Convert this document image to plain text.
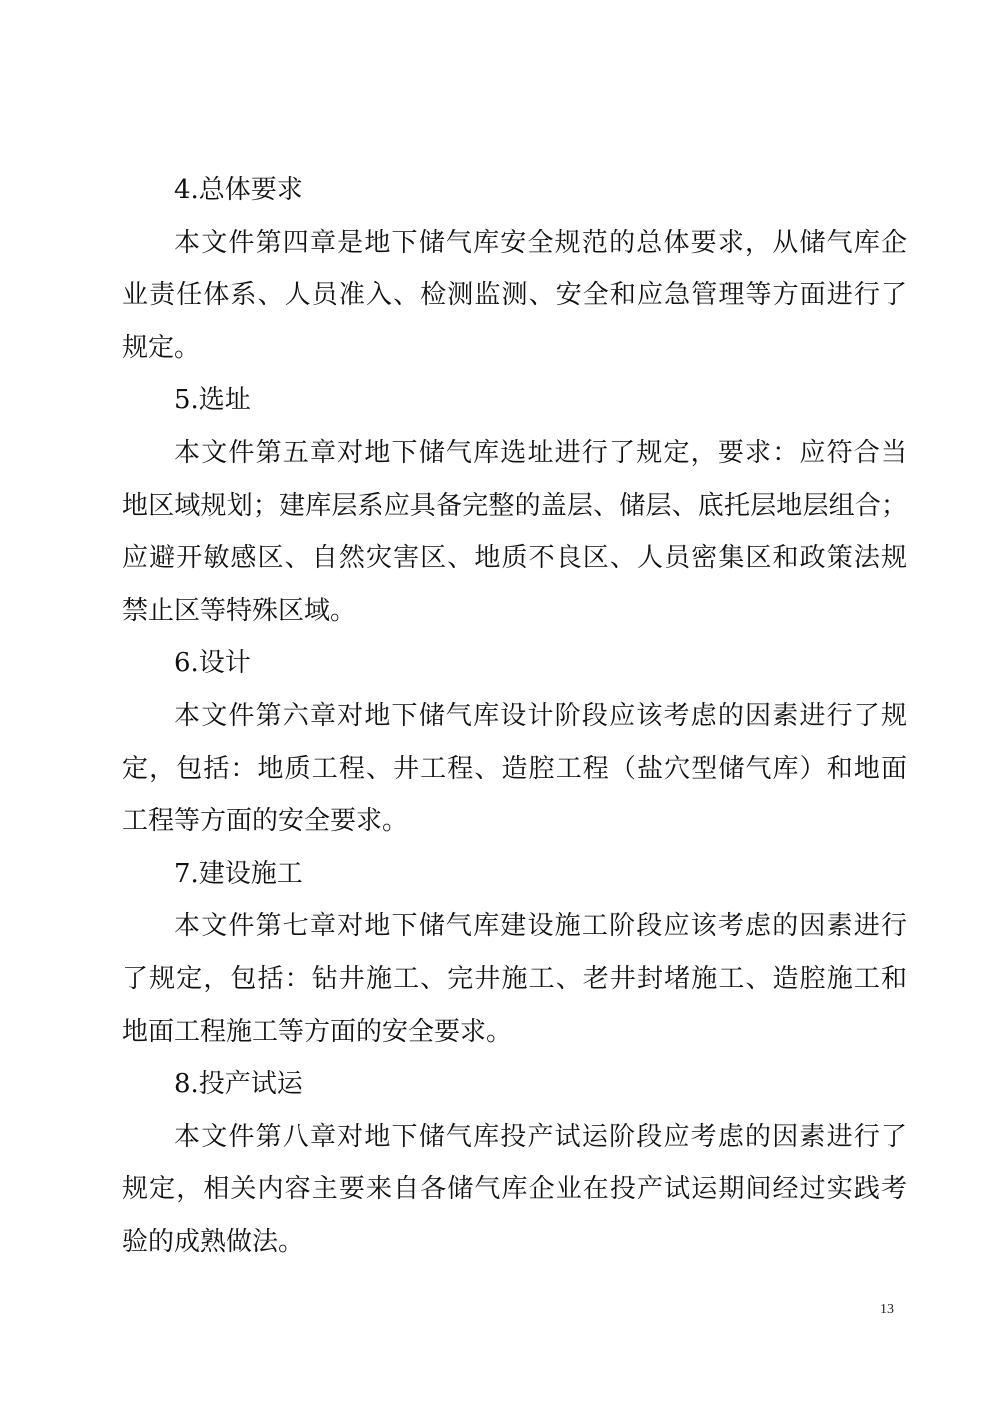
4.总体要求

本文件第四章是地下储气库安全规范的总体要求，从储气库企
业责任体系、人员准入、检测监测、安全和应急管理等方面进行了
规定。

5.选址

本文件第五章对地下储气库选址进行了规定，要求：应符合当
地区域规划；建库层系应具备完整的盖层、储层、底托层地层组合；
应避开敏感区、自然灾害区、地质不良区、人员密集区和政策法规
禁止区等特殊区域。

6.设计

本文件第六章对地下储气库设计阶段应该考虑的因素进行了规
定，包括：地质工程、井工程、造腔工程（盐穴型储气库）和地面
工程等方面的安全要求。

7.建设施工

本文件第七章对地下储气库建设施工阶段应该考虑的因素进行
了规定，包括：钻井施工、完井施工、老井封堵施工、造腔施工和
地面工程施工等方面的安全要求。

8.投产试运

本文件第八章对地下储气库投产试运阶段应考虑的因素进行了
规定，相关内容主要来自各储气库企业在投产试运期间经过实践考
验的成熟做法。
13
